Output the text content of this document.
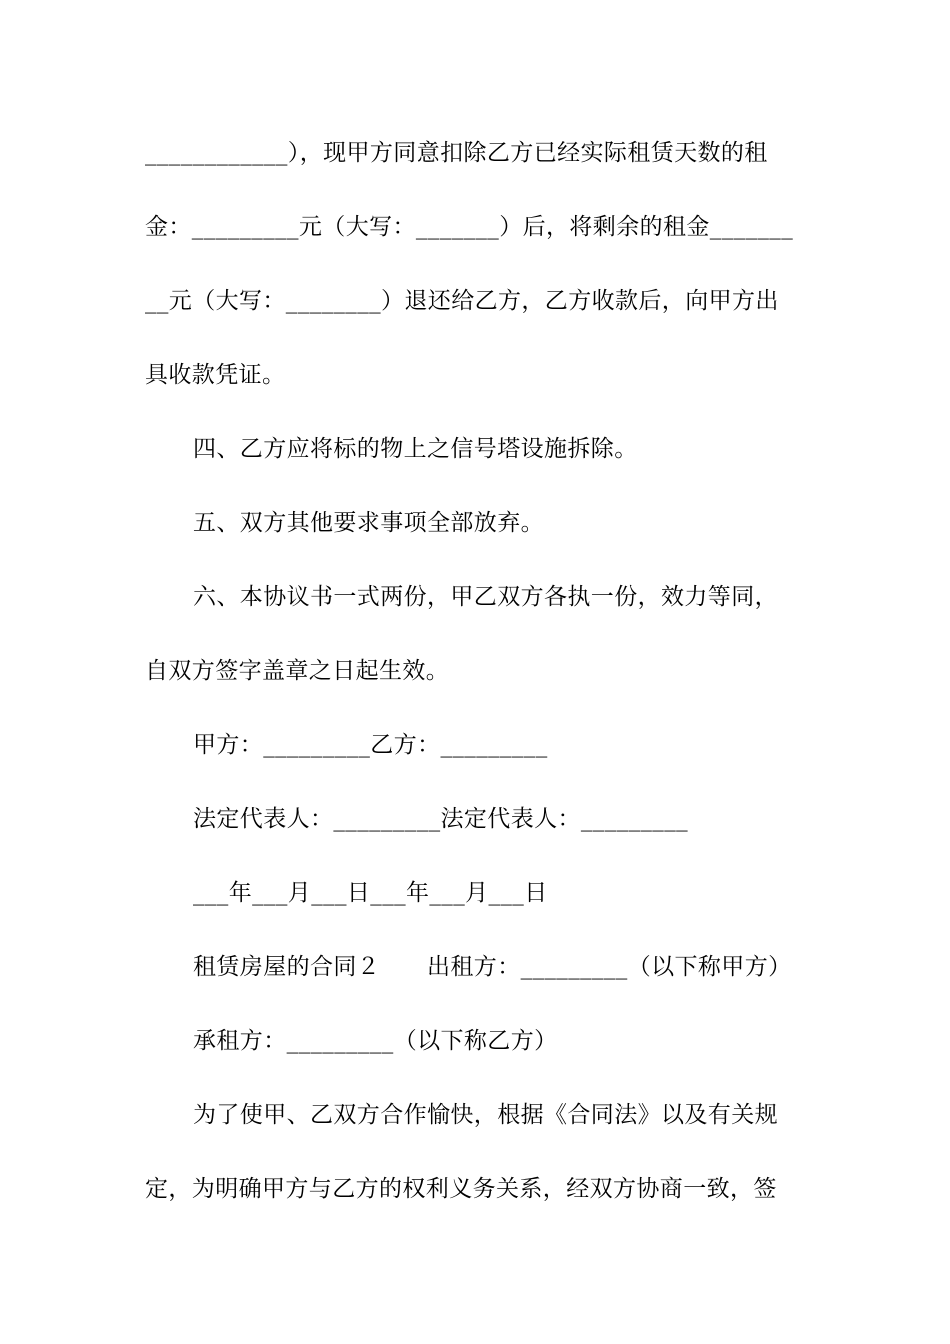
____________），现甲方同意扣除乙方已经实际租赁天数的租
金：_________元（大写：_______）后，将剩余的租金_______
__元（大写：________）退还给乙方，乙方收款后，向甲方出
具收款凭证。
四、乙方应将标的物上之信号塔设施拆除。
五、双方其他要求事项全部放弃。
六、本协议书一式两份，甲乙双方各执一份，效力等同，
自双方签字盖章之日起生效。
甲方：_________乙方：_________
法定代表人：_________法定代表人：_________
___年___月___日___年___月___日
租赁房屋的合同２　　出租方：_________（以下称甲方）
承租方：_________（以下称乙方）
为了使甲、乙双方合作愉快，根据《合同法》以及有关规
定，为明确甲方与乙方的权利义务关系，经双方协商一致，签
